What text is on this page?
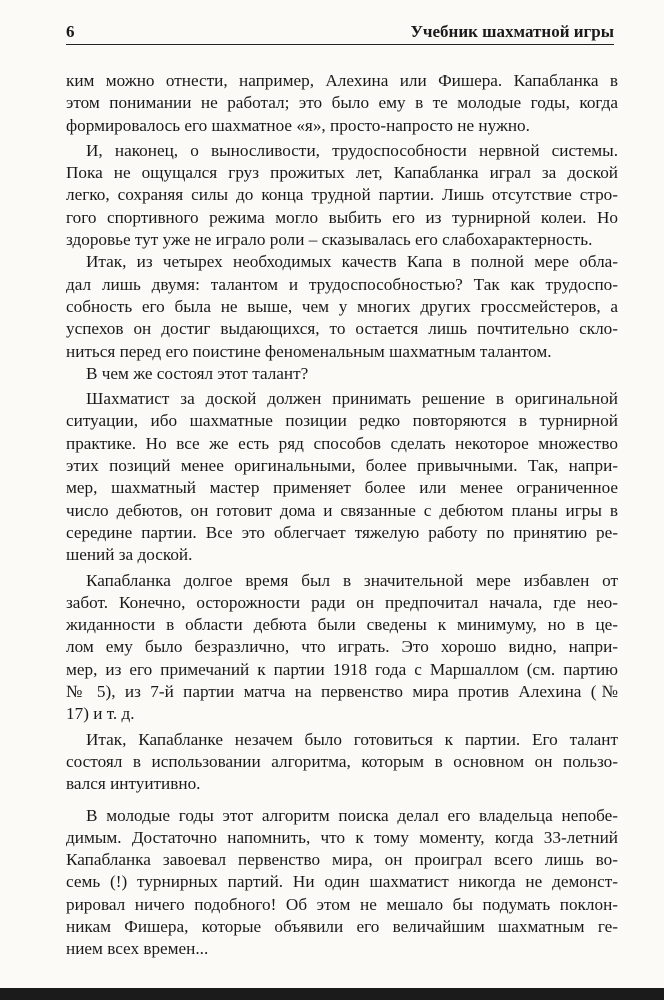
6	Учебник шахматной игры
ким можно отнести, например, Алехина или Фишера. Капабланка в
этом понимании не работал; это было ему в те молодые годы, когда
формировалось его шахматное «я», просто-напросто не нужно.
И, наконец, о выносливости, трудоспособности нервной системы.
Пока не ощущался груз прожитых лет, Капабланка играл за доской
легко, сохраняя силы до конца трудной партии. Лишь отсутствие стро-
гого спортивного режима могло выбить его из турнирной колеи. Но
здоровье тут уже не играло роли – сказывалась его слабохарактерность.
Итак, из четырех необходимых качеств Капа в полной мере обла-
дал лишь двумя: талантом и трудоспособностью? Так как трудоспо-
собность его была не выше, чем у многих других гроссмейстеров, а
успехов он достиг выдающихся, то остается лишь почтительно скло-
ниться перед его поистине феноменальным шахматным талантом.
В чем же состоял этот талант?
Шахматист за доской должен принимать решение в оригинальной
ситуации, ибо шахматные позиции редко повторяются в турнирной
практике. Но все же есть ряд способов сделать некоторое множество
этих позиций менее оригинальными, более привычными. Так, напри-
мер, шахматный мастер применяет более или менее ограниченное
число дебютов, он готовит дома и связанные с дебютом планы игры в
середине партии. Все это облегчает тяжелую работу по принятию ре-
шений за доской.
Капабланка долгое время был в значительной мере избавлен от
забот. Конечно, осторожности ради он предпочитал начала, где нео-
жиданности в области дебюта были сведены к минимуму, но в це-
лом ему было безразлично, что играть. Это хорошо видно, напри-
мер, из его примечаний к партии 1918 года с Маршаллом (см. партию
№ 5), из 7-й партии матча на первенство мира против Алехина (№
17) и т. д.
Итак, Капабланке незачем было готовиться к партии. Его талант
состоял в использовании алгоритма, которым в основном он пользо-
вался интуитивно.
В молодые годы этот алгоритм поиска делал его владельца непобе-
димым. Достаточно напомнить, что к тому моменту, когда 33-летний
Капабланка завоевал первенство мира, он проиграл всего лишь во-
семь (!) турнирных партий. Ни один шахматист никогда не демонст-
рировал ничего подобного! Об этом не мешало бы подумать поклон-
никам Фишера, которые объявили его величайшим шахматным ге-
нием всех времен...
